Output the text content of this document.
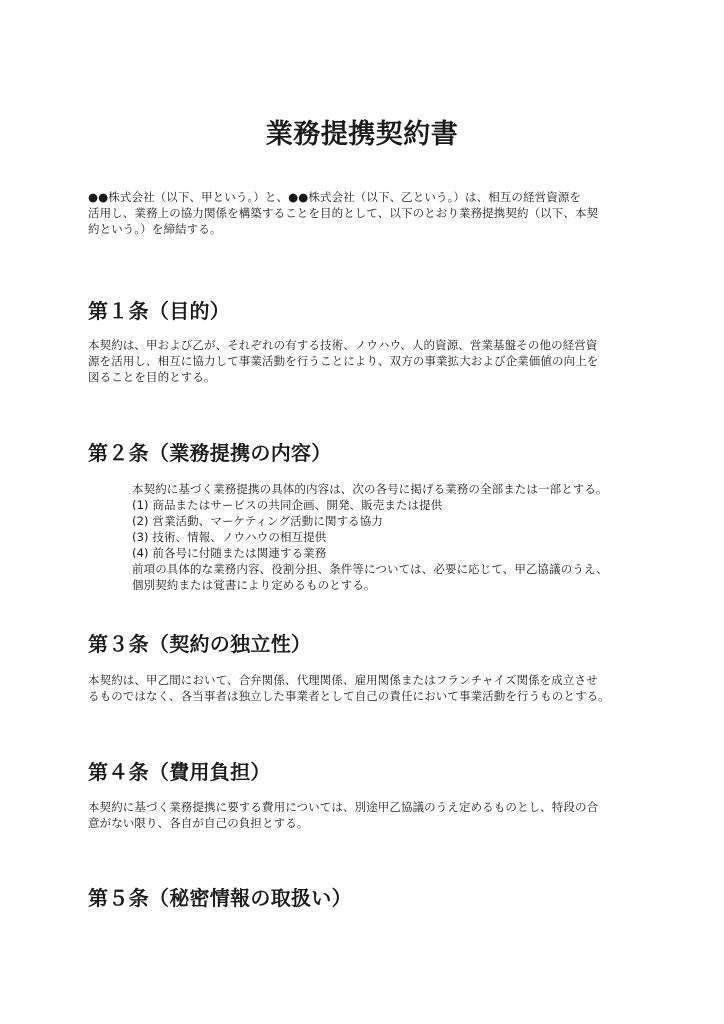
業務提携契約書

●●株式会社（以下、甲という。）と、●●株式会社（以下、乙という。）は、相互の経営資源を
活用し、業務上の協力関係を構築することを目的として、以下のとおり業務提携契約（以下、本契
約という。）を締結する。

第１条（目的）

本契約は、甲および乙が、それぞれの有する技術、ノウハウ、人的資源、営業基盤その他の経営資
源を活用し、相互に協力して事業活動を行うことにより、双方の事業拡大および企業価値の向上を
図ることを目的とする。

第２条（業務提携の内容）

本契約に基づく業務提携の具体的内容は、次の各号に掲げる業務の全部または一部とする。
(1) 商品またはサービスの共同企画、開発、販売または提供
(2) 営業活動、マーケティング活動に関する協力
(3) 技術、情報、ノウハウの相互提供
(4) 前各号に付随または関連する業務
前項の具体的な業務内容、役割分担、条件等については、必要に応じて、甲乙協議のうえ、
個別契約または覚書により定めるものとする。

第３条（契約の独立性）

本契約は、甲乙間において、合弁関係、代理関係、雇用関係またはフランチャイズ関係を成立させ
るものではなく、各当事者は独立した事業者として自己の責任において事業活動を行うものとする。

第４条（費用負担）

本契約に基づく業務提携に要する費用については、別途甲乙協議のうえ定めるものとし、特段の合
意がない限り、各自が自己の負担とする。

第５条（秘密情報の取扱い）
